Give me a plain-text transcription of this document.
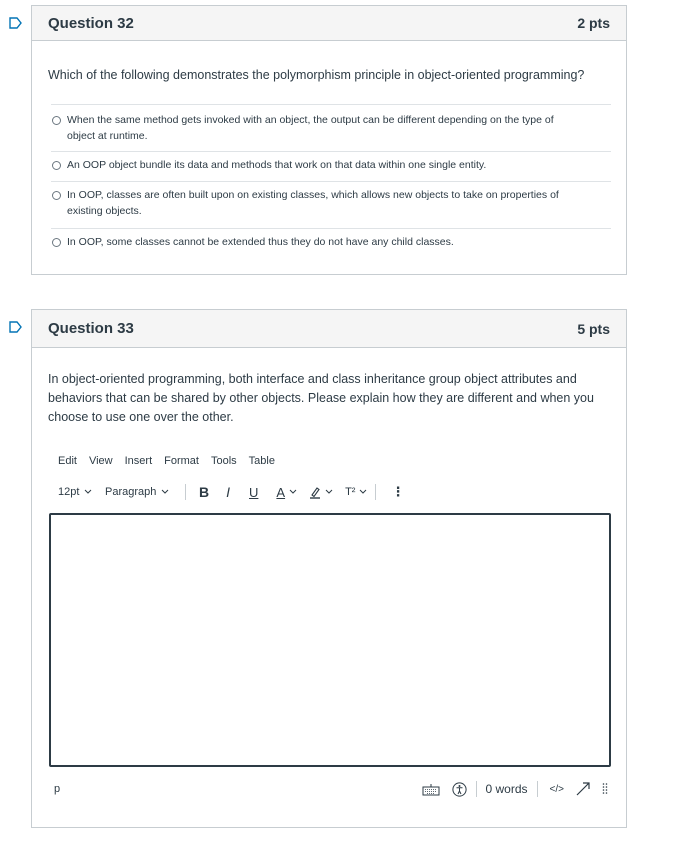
Question 32	2 pts
Which of the following demonstrates the polymorphism principle in object-oriented programming?
When the same method gets invoked with an object, the output can be different depending on the type of
object at runtime.
An OOP object bundle its data and methods that work on that data within one single entity.
In OOP, classes are often built upon on existing classes, which allows new objects to take on properties of
existing objects.
In OOP, some classes cannot be extended thus they do not have any child classes.
Question 33	5 pts
In object-oriented programming, both interface and class inheritance group object attributes and
behaviors that can be shared by other objects. Please explain how they are different and when you
choose to use one over the other.
Edit View Insert Format Tools Table
12pt Paragraph	B I U A	T²	⋮
p	0 words </>
